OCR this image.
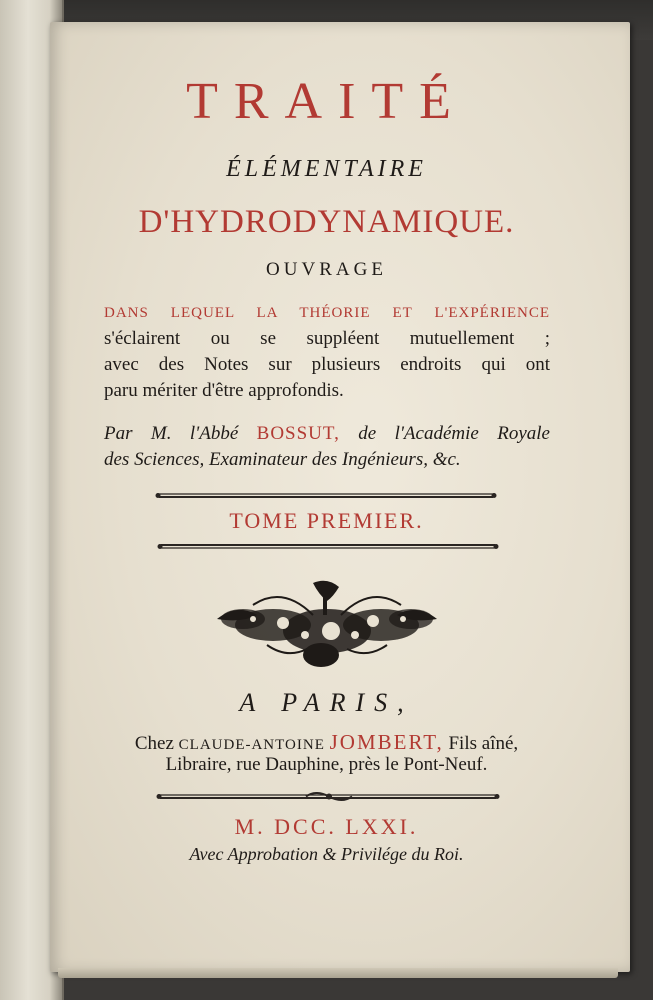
TRAITÉ
ÉLÉMENTAIRE
D'HYDRODYNAMIQUE.
OUVRAGE
DANS LEQUEL LA THÉORIE ET L'EXPÉRIENCE
s'éclairent ou se suppléent mutuellement ;
avec des Notes sur plusieurs endroits qui ont
paru mériter d'être approfondis.
Par M. l'Abbé BOSSUT, de l'Académie Royale
des Sciences, Examinateur des Ingénieurs, &c.
TOME PREMIER.
A PARIS,
Chez CLAUDE-ANTOINE JOMBERT, Fils aîné,
Libraire, rue Dauphine, près le Pont-Neuf.
M. DCC. LXXI.
Avec Approbation & Privilége du Roi.
